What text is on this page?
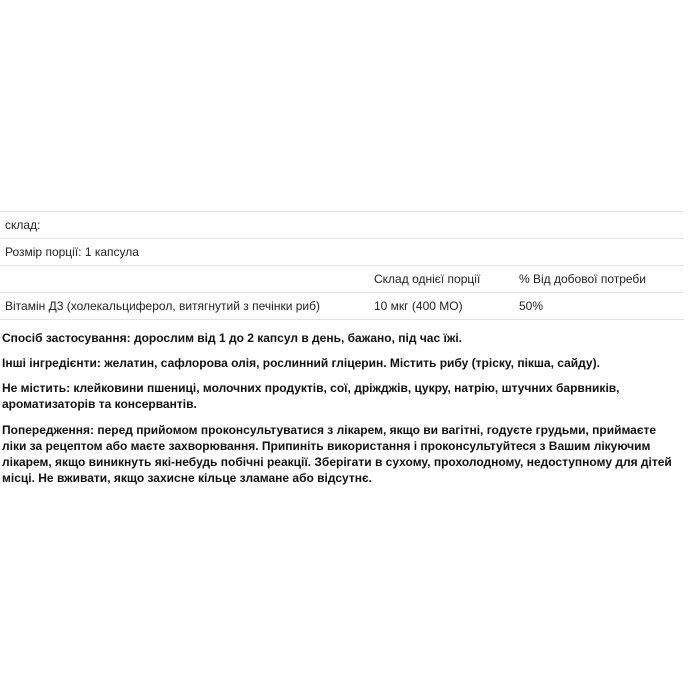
склад:		
Розмір порції: 1 капсула		
	Склад однієї порції	% Від добової потреби
Вітамін Д3 (холекальциферол, витягнутий з печінки риб)	10 мкг (400 МО)	50%

Спосіб застосування: дорослим від 1 до 2 капсул в день, бажано, під час їжі.

Інші інгредієнти: желатин, сафлорова олія, рослинний гліцерин. Містить рибу (тріску, пікша, сайду).

Не містить: клейковини пшениці, молочних продуктів, сої, дріжджів, цукру, натрію, штучних барвників, ароматизаторів та консервантів.

Попередження: перед прийомом проконсультуватися з лікарем, якщо ви вагітні, годуєте грудьми, приймаєте ліки за рецептом або маєте захворювання. Припиніть використання і проконсультуйтеся з Вашим лікуючим лікарем, якщо виникнуть які-небудь побічні реакції. Зберігати в сухому, прохолодному, недоступному для дітей місці. Не вживати, якщо захисне кільце зламане або відсутнє.
